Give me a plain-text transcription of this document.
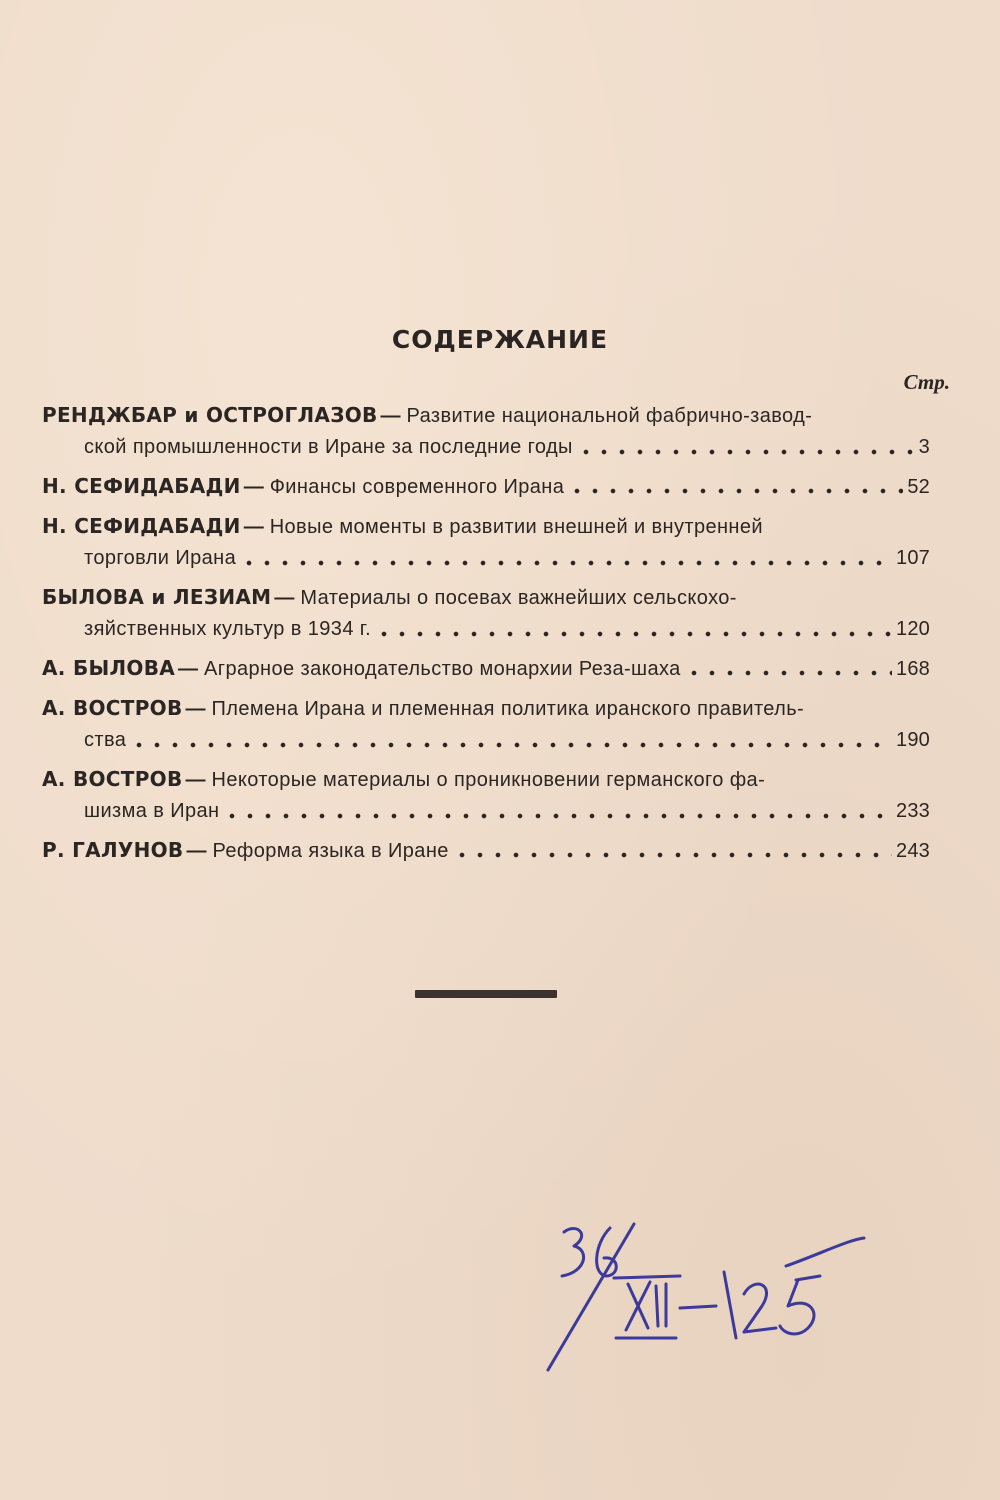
СОДЕРЖАНИЕ
Стр.
РЕНДЖБАР и ОСТРОГЛАЗОВ — Развитие национальной фабрично-завод-
ской промышленности в Иране за последние годы	3
Н. СЕФИДАБАДИ — Финансы современного Ирана	52
Н. СЕФИДАБАДИ — Новые моменты в развитии внешней и внутренней
торговли Ирана	107
БЫЛОВА и ЛЕЗИАМ — Материалы о посевах важнейших сельскохо-
зяйственных культур в 1934 г.	120
А. БЫЛОВА — Аграрное законодательство монархии Реза-шаха	168
А. ВОСТРОВ — Племена Ирана и племенная политика иранского правитель-
ства	190
А. ВОСТРОВ — Некоторые материалы о проникновении германского фа-
шизма в Иран	233
Р. ГАЛУНОВ — Реформа языка в Иране	243
